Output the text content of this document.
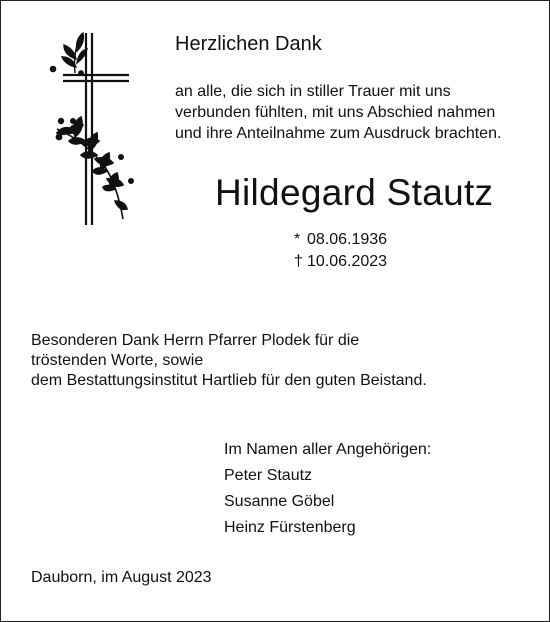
Herzlichen Dank
an alle, die sich in stiller Trauer mit uns
verbunden fühlten, mit uns Abschied nahmen
und ihre Anteilnahme zum Ausdruck brachten.
Hildegard Stautz
* 08.06.1936
† 10.06.2023
Besonderen Dank Herrn Pfarrer Plodek für die
tröstenden Worte, sowie
dem Bestattungsinstitut Hartlieb für den guten Beistand.
Im Namen aller Angehörigen:
Peter Stautz
Susanne Göbel
Heinz Fürstenberg
Dauborn, im August 2023
